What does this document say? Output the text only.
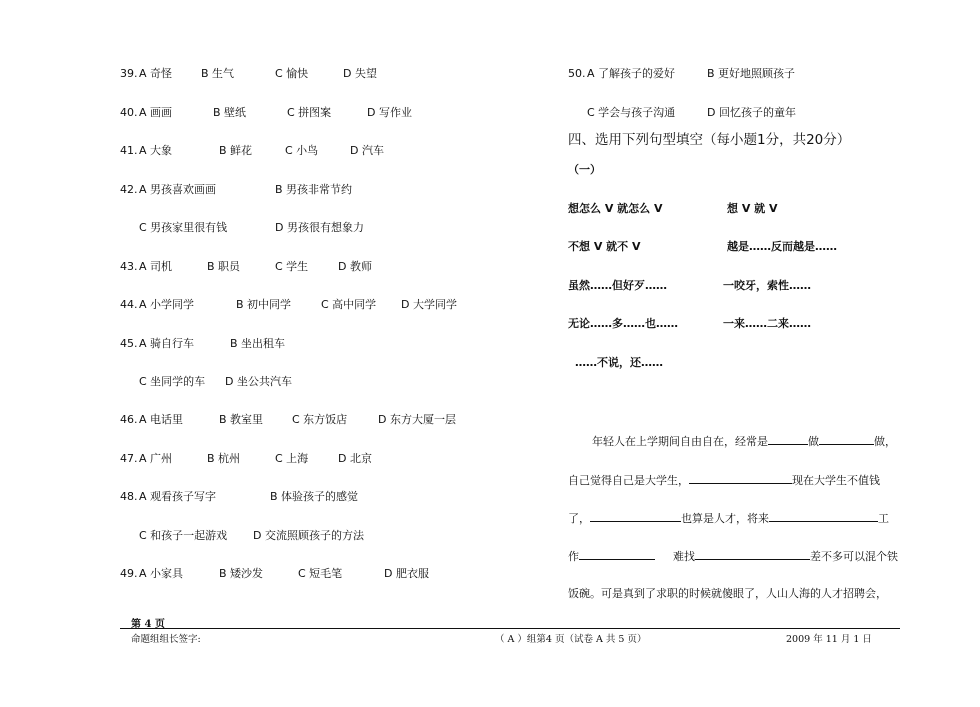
39. A 奇怪	B 生气	C 愉快	D 失望
40. A 画画	B 壁纸	C 拼图案	D 写作业
41. A 大象	B 鲜花	C 小鸟	D 汽车
42. A 男孩喜欢画画	B 男孩非常节约
C 男孩家里很有钱	D 男孩很有想象力
43. A 司机	B 职员	C 学生	D 教师
44. A 小学同学	B 初中同学	C 高中同学 D 大学同学
45. A 骑自行车	B 坐出租车
C 坐同学的车 D 坐公共汽车
46. A 电话里	B 教室里	C 东方饭店	D 东方大厦一层
47. A 广州	B 杭州	C 上海	D 北京
48. A 观看孩子写字	B 体验孩子的感觉
C 和孩子一起游戏 D 交流照顾孩子的方法
49. A 小家具	B 矮沙发	C 短毛笔	D 肥衣服
50. A 了解孩子的爱好	B 更好地照顾孩子
C 学会与孩子沟通	D 回忆孩子的童年
四、选用下列句型填空（每小题1分，共20分）
（一）
想怎么 V 就怎么 V	想 V 就 V
不想 V 就不 V	越是……反而越是……
虽然……但好歹……	一咬牙，索性……
无论……多……也……	一来……二来……
……不说，还……
年轻人在上学期间自由自在，经常是	做	做，
自己觉得自己是大学生，	现在大学生不值钱
了，	也算是人才，将来	工
作	难找	差不多可以混个铁
饭碗。可是真到了求职的时候就傻眼了，人山人海的人才招聘会，
第 4 页
命题组组长签字:	（ A ）组第4 页（试卷 A 共 5 页）	2009 年 11 月 1 日
